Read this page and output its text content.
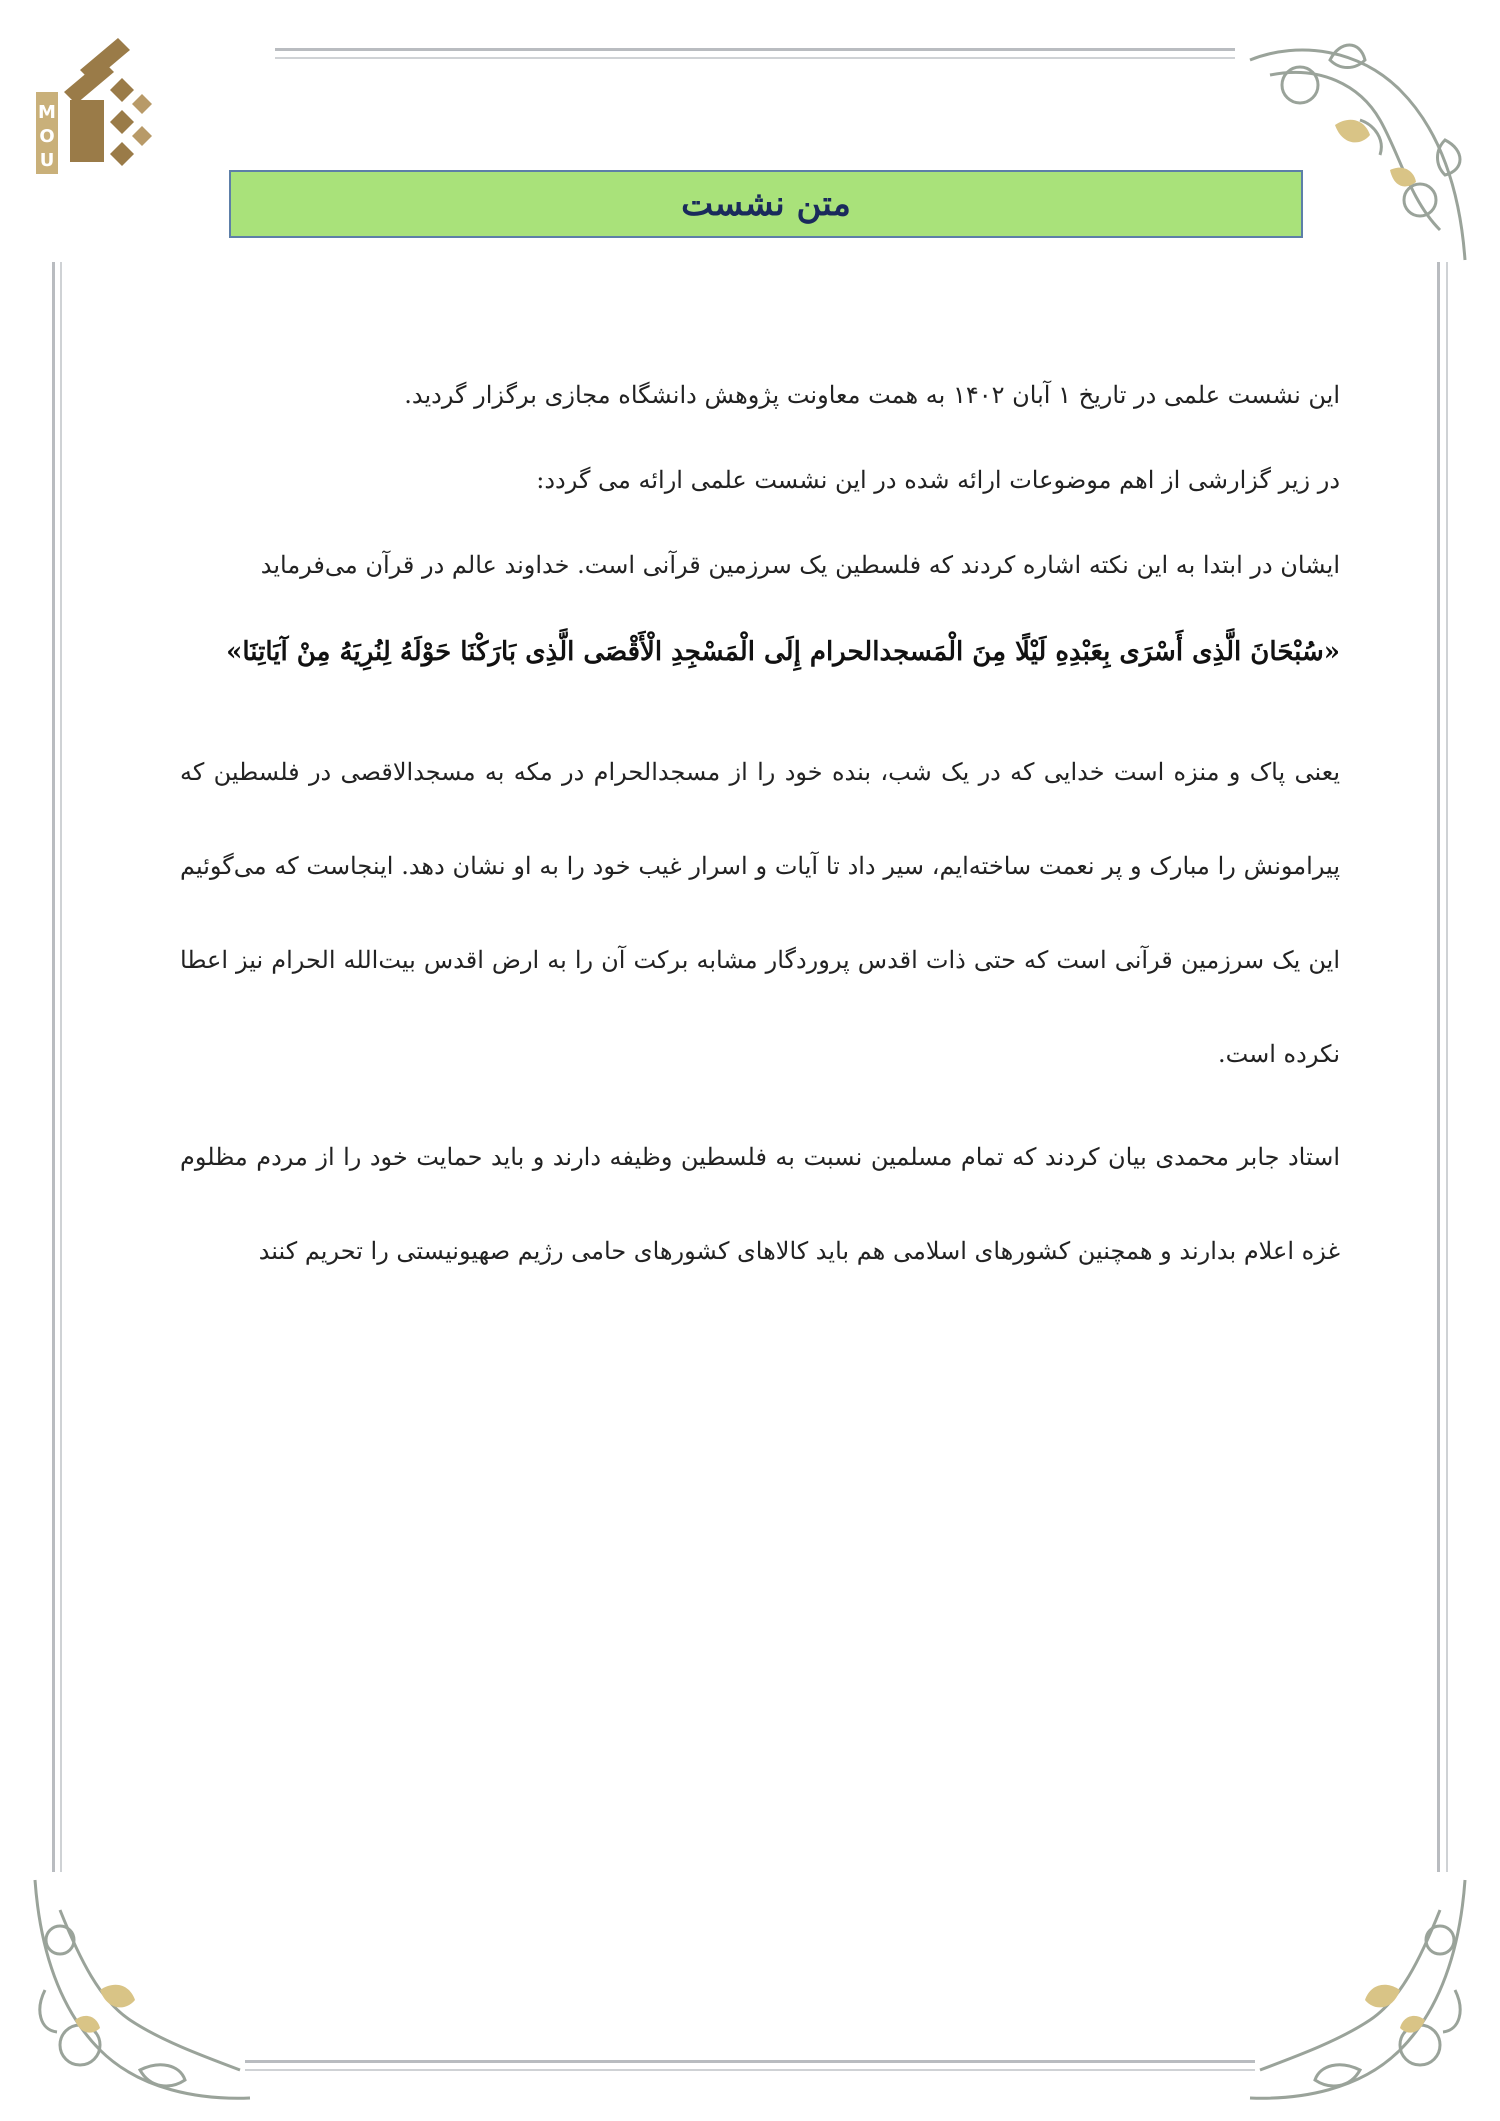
M
O
U
متن نشست
این نشست علمی در تاریخ ۱ آبان ۱۴۰۲ به همت معاونت پژوهش دانشگاه مجازی برگزار گردید.
در زیر گزارشی از اهم موضوعات ارائه شده در این نشست علمی ارائه می گردد:
ایشان در ابتدا به این نکته اشاره کردند که فلسطین یک سرزمین قرآنی است. خداوند عالم در قرآن می‌فرماید
«سُبْحَانَ الَّذِی أَسْرَی بِعَبْدِهِ لَيْلًا مِنَ الْمَسجدالحرام إِلَی الْمَسْجِدِ الْأَقْصَی الَّذِی بَارَكْنَا حَوْلَهُ لِنُرِيَهُ مِنْ آيَاتِنَا»
یعنی پاک و منزه است خدایی که در یک شب، بنده خود را از مسجدالحرام در مکه به مسجدالاقصی در فلسطین که پیرامونش را مبارک و پر نعمت ساخته‌ایم، سیر داد تا آیات و اسرار غیب خود را به او نشان دهد. اینجاست که می‌گوئیم این یک سرزمین قرآنی است که حتی ذات اقدس پروردگار مشابه برکت آن را به ارض اقدس بیت‌الله الحرام نیز اعطا نکرده است.
استاد جابر محمدی بیان کردند که تمام مسلمین نسبت به فلسطین وظیفه دارند و باید حمایت خود را از مردم مظلوم غزه اعلام بدارند و همچنین کشورهای اسلامی هم باید کالاهای کشورهای حامی رژیم صهیونیستی را تحریم کنند
